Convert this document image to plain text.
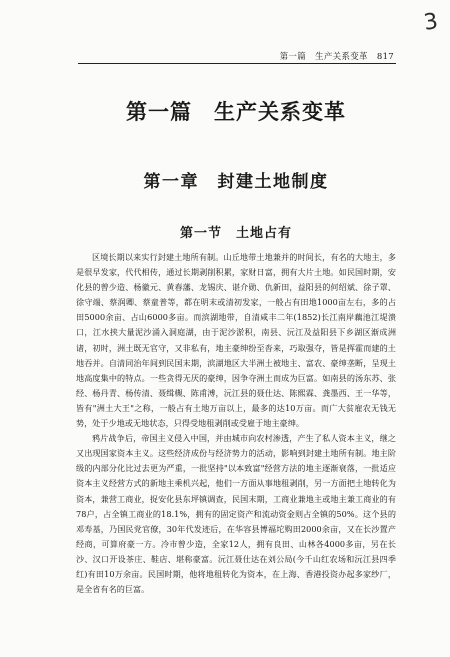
3
第一篇 生产关系变革 817
第一篇　生产关系变革
第一章　封建土地制度
第一节　土地占有

区境长期以来实行封建土地所有制。山丘地带土地兼并的时间长，有名的大地主，多是很早发家，代代相传，通过长期剥削积累，家财日富，拥有大片土地。如民国时期，安化县的曾少造、杨徽元、黄春藩、龙锡庆、谌介勋、仇新田，益阳县的何绍斌、徐子罩、徐守端、蔡润卿、蔡童普等，都在明末或清初发家，一般占有田地1000亩左右，多的占田5000余亩、占山6000多亩。而滨湖地带，自清咸丰二年(1852)长江南岸藕池江堤溃口，江水挟大量泥沙涌入洞庭湖，由于泥沙淤积，南县、沅江及益阳县下乡湖区渐成洲诸，初时，洲土既无官守，又非私有，地主豪绅纷至沓来，巧取强夺，皆是挥霍而建的土地吞并。自清同治年间到民国末期，滨湖地区大半洲土被地主、富农、豪绅垄断，呈现土地高度集中的特点。一些贪得无厌的豪绅，因争夺洲土而成为巨富。如南县的汤东苏、张经、杨丹青、杨传清、聂缉槻、陈甫溥，沅江县的聂仕达、陈熙霖、龚墨西、王一华等，皆有"洲土大王"之称，一般占有土地万亩以上，最多的达10万亩。而广大贫雇农无钱无势，处于少地或无地状态，只得受地租剥削或受雇于地主豪绅。

鸦片战争后，帝国主义侵入中国，并由城市向农村渗透，产生了私人资本主义，继之又出现国家资本主义。这些经济成份与经济势力的活动，影响到封建土地所有制。地主阶级的内部分化比过去更为严重，一批坚持"以本致富"经营方法的地主逐渐衰落，一批适应资本主义经营方式的新地主乘机兴起，他们一方面从事地租剥削，另一方面把土地转化为资本，兼营工商业，捉安化县东坪镇调查，民国末期，工商业兼地主或地主兼工商业的有78户，占全镇工商业的18.1%，拥有的固定资产和流动资金则占全镇的50%。这个县的邓寿基，乃国民党官僚，30年代发迹后，在华容县博福坨购田2000余亩，又在长沙置产经商，可算府豪一方。冷市曾少造，全家12人，拥有良田、山林各4000多亩，另在长沙、汉口开设茶庄、鞋店、堪称豪富。沅江聂仕达在刘公局(今千山红农场和沅江县四季红)有田10万余亩。民国时期，他将地租转化为资本，在上海、香港投资办起多家纱厂，是全省有名的巨富。
